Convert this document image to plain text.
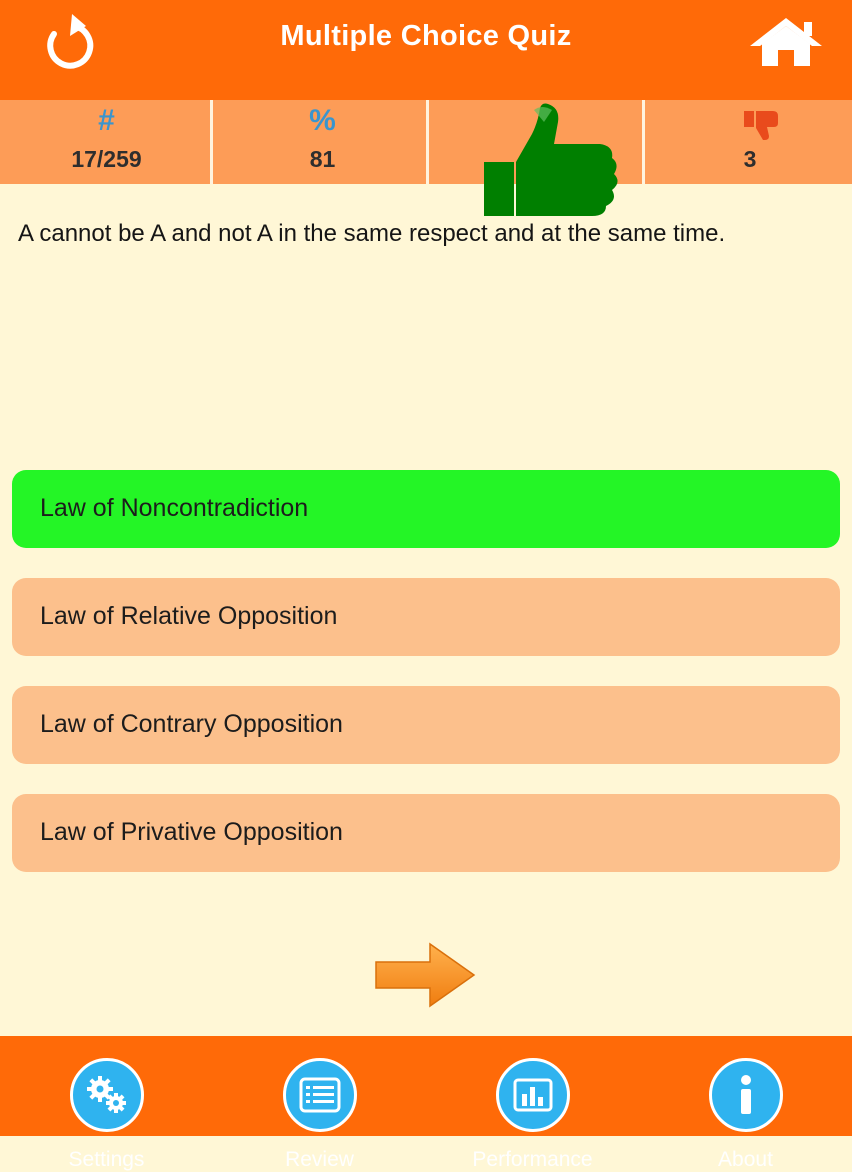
Multiple Choice Quiz
#
17/259
%
81	3
A cannot be A and not A in the same respect and at the same time.
Law of Noncontradiction
Law of Relative Opposition
Law of Contrary Opposition
Law of Privative Opposition
Settings	Review	Performance	About
